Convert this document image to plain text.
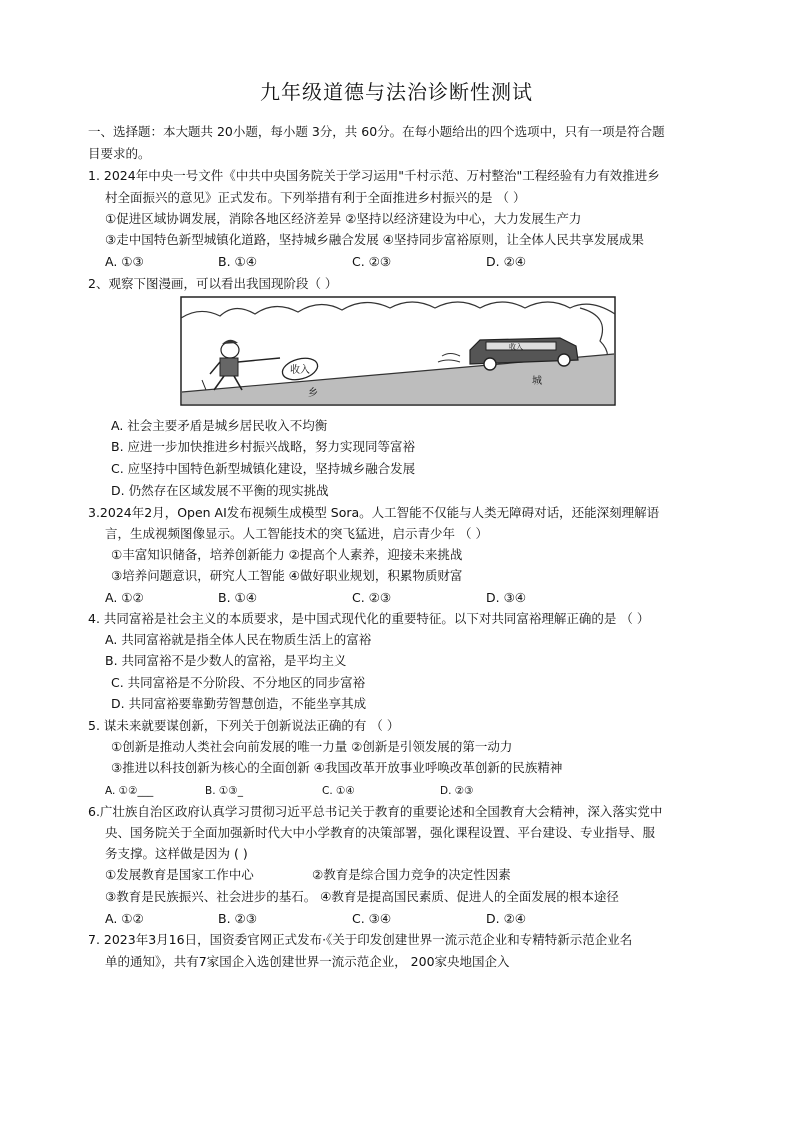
九年级道德与法治诊断性测试
一、选择题：本大题共 20小题，每小题 3分，共 60分。在每小题给出的四个选项中，只有一项是符合题
目要求的。
1. 2024年中央一号文件《中共中央国务院关于学习运用"千村示范、万村整治"工程经验有力有效推进乡
村全面振兴的意见》正式发布。下列举措有利于全面推进乡村振兴的是 （ ）
①促进区域协调发展，消除各地区经济差异 ②坚持以经济建设为中心，大力发展生产力
③走中国特色新型城镇化道路，坚持城乡融合发展 ④坚持同步富裕原则，让全体人民共享发展成果
A. ①③	B. ①④	C. ②③	D. ②④
2、观察下图漫画，可以看出我国现阶段（ ）
收入
乡
收入
城
A. 社会主要矛盾是城乡居民收入不均衡
B. 应进一步加快推进乡村振兴战略，努力实现同等富裕
C. 应坚持中国特色新型城镇化建设，坚持城乡融合发展
D. 仍然存在区域发展不平衡的现实挑战
3.2024年2月，Open AI发布视频生成模型 Sora。人工智能不仅能与人类无障碍对话，还能深刻理解语
言，生成视频图像显示。人工智能技术的突飞猛进，启示青少年 （ ）
①丰富知识储备，培养创新能力 ②提高个人素养，迎接未来挑战
③培养问题意识，研究人工智能 ④做好职业规划，积累物质财富
A. ①②	B. ①④	C. ②③	D. ③④
4. 共同富裕是社会主义的本质要求，是中国式现代化的重要特征。以下对共同富裕理解正确的是 （ ）
A. 共同富裕就是指全体人民在物质生活上的富裕
B. 共同富裕不是少数人的富裕，是平均主义
C. 共同富裕是不分阶段、不分地区的同步富裕
D. 共同富裕要靠勤劳智慧创造，不能坐享其成
5. 谋未来就要谋创新，下列关于创新说法正确的有 （ ）
①创新是推动人类社会向前发展的唯一力量 ②创新是引领发展的第一动力
③推进以科技创新为核心的全面创新 ④我国改革开放事业呼唤改革创新的民族精神
A. ①②___	B. ①③_	C. ①④	D. ②③
6.广壮族自治区政府认真学习贯彻习近平总书记关于教育的重要论述和全国教育大会精神，深入落实党中
央、国务院关于全面加强新时代大中小学教育的决策部署，强化课程设置、平台建设、专业指导、服
务支撑。这样做是因为 ( )
①发展教育是国家工作中心	②教育是综合国力竞争的决定性因素
③教育是民族振兴、社会进步的基石。 ④教育是提高国民素质、促进人的全面发展的根本途径
A. ①②	B. ②③	C. ③④	D. ②④
7. 2023年3月16日，国资委官网正式发布·《关于印发创建世界一流示范企业和专精特新示范企业名
单的通知》，共有7家国企入选创建世界一流示范企业， 200家央地国企入
